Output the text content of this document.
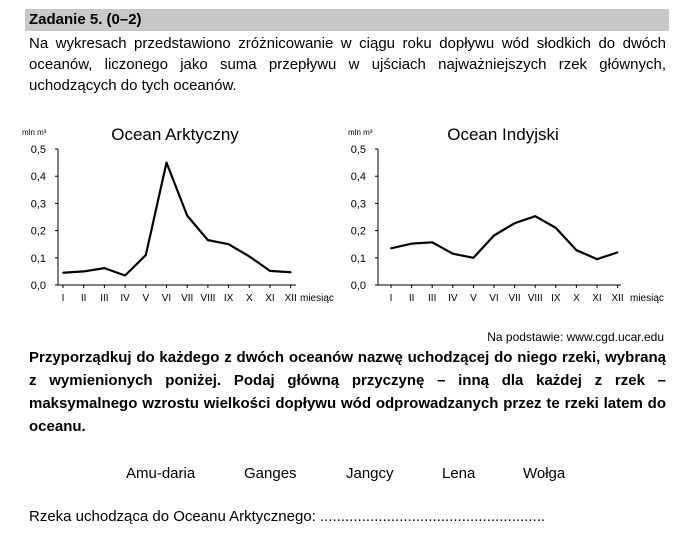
Zadanie 5. (0–2)

Na wykresach przedstawiono zróżnicowanie w ciągu roku dopływu wód słodkich do dwóch oceanów, liczonego jako suma przepływu w ujściach najważniejszych rzek głównych, uchodzących do tych oceanów.

Ocean Arktyczny
mln m³
0,5
0,4
0,3
0,2
0,1
0,0
I II III IV V VI VII VIII IX X XI XII miesiąc
Ocean Indyjski
mln m³
0,5
0,4
0,3
0,2
0,1
0,0
I II III IV V VI VII VIII IX X XI XII miesiąc
Na podstawie: www.cgd.ucar.edu

Przyporządkuj do każdego z dwóch oceanów nazwę uchodzącej do niego rzeki, wybraną z wymienionych poniżej. Podaj główną przyczynę – inną dla każdej z rzek – maksymalnego wzrostu wielkości dopływu wód odprowadzanych przez te rzeki latem do oceanu.

Amu-daria	Ganges	Jangcy	Lena	Wołga
Rzeka uchodząca do Oceanu Arktycznego: ......................................................
